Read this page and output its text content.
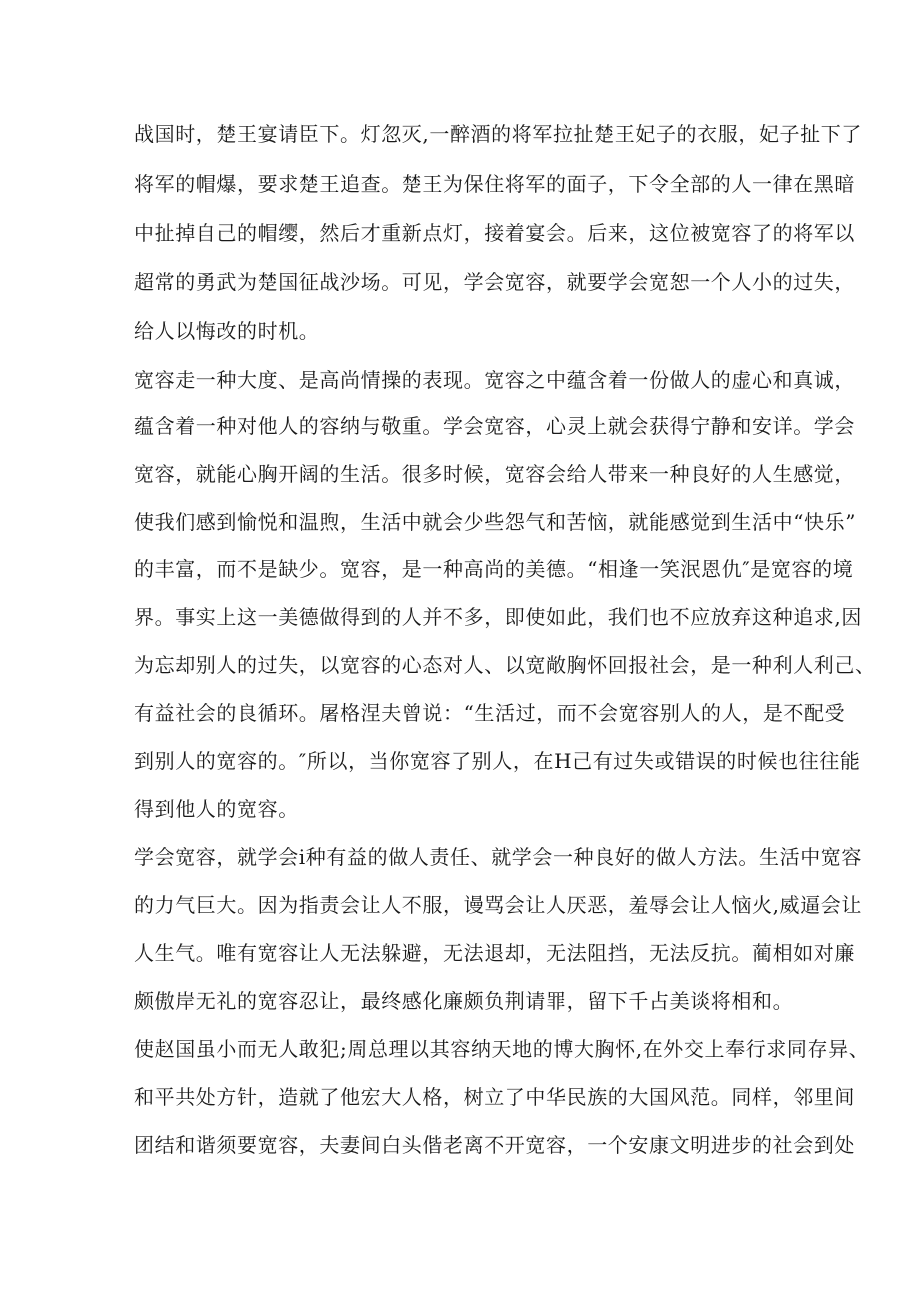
战国时，楚王宴请臣下。灯忽灭,一醉酒的将军拉扯楚王妃子的衣服，妃子扯下了
将军的帽爆，要求楚王追查。楚王为保住将军的面子，下令全部的人一律在黑暗
中扯掉自己的帽缨，然后才重新点灯，接着宴会。后来，这位被宽容了的将军以
超常的勇武为楚国征战沙场。可见，学会宽容，就要学会宽恕一个人小的过失，
给人以悔改的时机。
宽容走一种大度、是高尚情操的表现。宽容之中蕴含着一份做人的虚心和真诚，
蕴含着一种对他人的容纳与敬重。学会宽容，心灵上就会获得宁静和安详。学会
宽容，就能心胸开阔的生活。很多时候，宽容会给人带来一种良好的人生感觉，
使我们感到愉悦和温煦，生活中就会少些怨气和苦恼，就能感觉到生活中“快乐”
的丰富，而不是缺少。宽容，是一种高尚的美德。“相逢一笑泯恩仇″是宽容的境
界。事实上这一美德做得到的人并不多，即使如此，我们也不应放弃这种追求,因
为忘却别人的过失，以宽容的心态对人、以宽敞胸怀回报社会，是一种利人利己、
有益社会的良循环。屠格涅夫曾说：“生活过，而不会宽容别人的人，是不配受
到别人的宽容的。″所以，当你宽容了别人，在H己有过失或错误的时候也往往能
得到他人的宽容。
学会宽容，就学会i种有益的做人责任、就学会一种良好的做人方法。生活中宽容
的力气巨大。因为指责会让人不服，谩骂会让人厌恶，羞辱会让人恼火,威逼会让
人生气。唯有宽容让人无法躲避，无法退却，无法阻挡，无法反抗。蔺相如对廉
颇傲岸无礼的宽容忍让，最终感化廉颇负荆请罪，留下千占美谈将相和。
使赵国虽小而无人敢犯;周总理以其容纳天地的博大胸怀,在外交上奉行求同存异、
和平共处方针，造就了他宏大人格，树立了中华民族的大国风范。同样，邻里间
团结和谐须要宽容，夫妻间白头偕老离不开宽容，一个安康文明进步的社会到处
